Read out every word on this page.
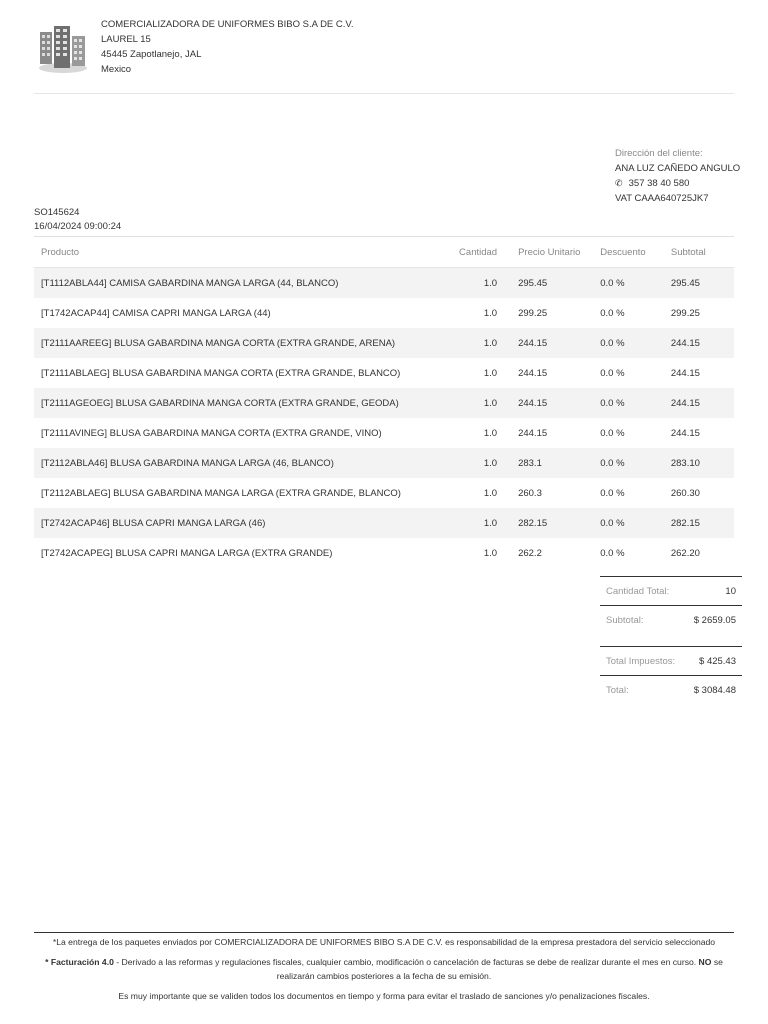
COMERCIALIZADORA DE UNIFORMES BIBO S.A DE C.V.
LAUREL 15
45445 Zapotlanejo, JAL
Mexico
Dirección del cliente:
ANA LUZ CAÑEDO ANGULO
✆ 357 38 40 580
VAT CAAA640725JK7
SO145624
16/04/2024 09:00:24
Producto	Cantidad	Precio Unitario	Descuento	Subtotal
[T1112ABLA44] CAMISA GABARDINA MANGA LARGA (44, BLANCO)	1.0	295.45	0.0 %	295.45
[T1742ACAP44] CAMISA CAPRI MANGA LARGA (44)	1.0	299.25	0.0 %	299.25
[T2111AAREEG] BLUSA GABARDINA MANGA CORTA (EXTRA GRANDE, ARENA)	1.0	244.15	0.0 %	244.15
[T2111ABLAEG] BLUSA GABARDINA MANGA CORTA (EXTRA GRANDE, BLANCO)	1.0	244.15	0.0 %	244.15
[T2111AGEOEG] BLUSA GABARDINA MANGA CORTA (EXTRA GRANDE, GEODA)	1.0	244.15	0.0 %	244.15
[T2111AVINEG] BLUSA GABARDINA MANGA CORTA (EXTRA GRANDE, VINO)	1.0	244.15	0.0 %	244.15
[T2112ABLA46] BLUSA GABARDINA MANGA LARGA (46, BLANCO)	1.0	283.1	0.0 %	283.10
[T2112ABLAEG] BLUSA GABARDINA MANGA LARGA (EXTRA GRANDE, BLANCO)	1.0	260.3	0.0 %	260.30
[T2742ACAP46] BLUSA CAPRI MANGA LARGA (46)	1.0	282.15	0.0 %	282.15
[T2742ACAPEG] BLUSA CAPRI MANGA LARGA (EXTRA GRANDE)	1.0	262.2	0.0 %	262.20
Cantidad Total:	10
Subtotal:	$ 2659.05
Total Impuestos:	$ 425.43
Total:	$ 3084.48

*La entrega de los paquetes enviados por COMERCIALIZADORA DE UNIFORMES BIBO S.A DE C.V. es responsabilidad de la empresa prestadora del servicio seleccionado

* Facturación 4.0 - Derivado a las reformas y regulaciones fiscales, cualquier cambio, modificación o cancelación de facturas se debe de realizar durante el mes en curso. NO se realizarán cambios posteriores a la fecha de su emisión.

Es muy importante que se validen todos los documentos en tiempo y forma para evitar el traslado de sanciones y/o penalizaciones fiscales.
